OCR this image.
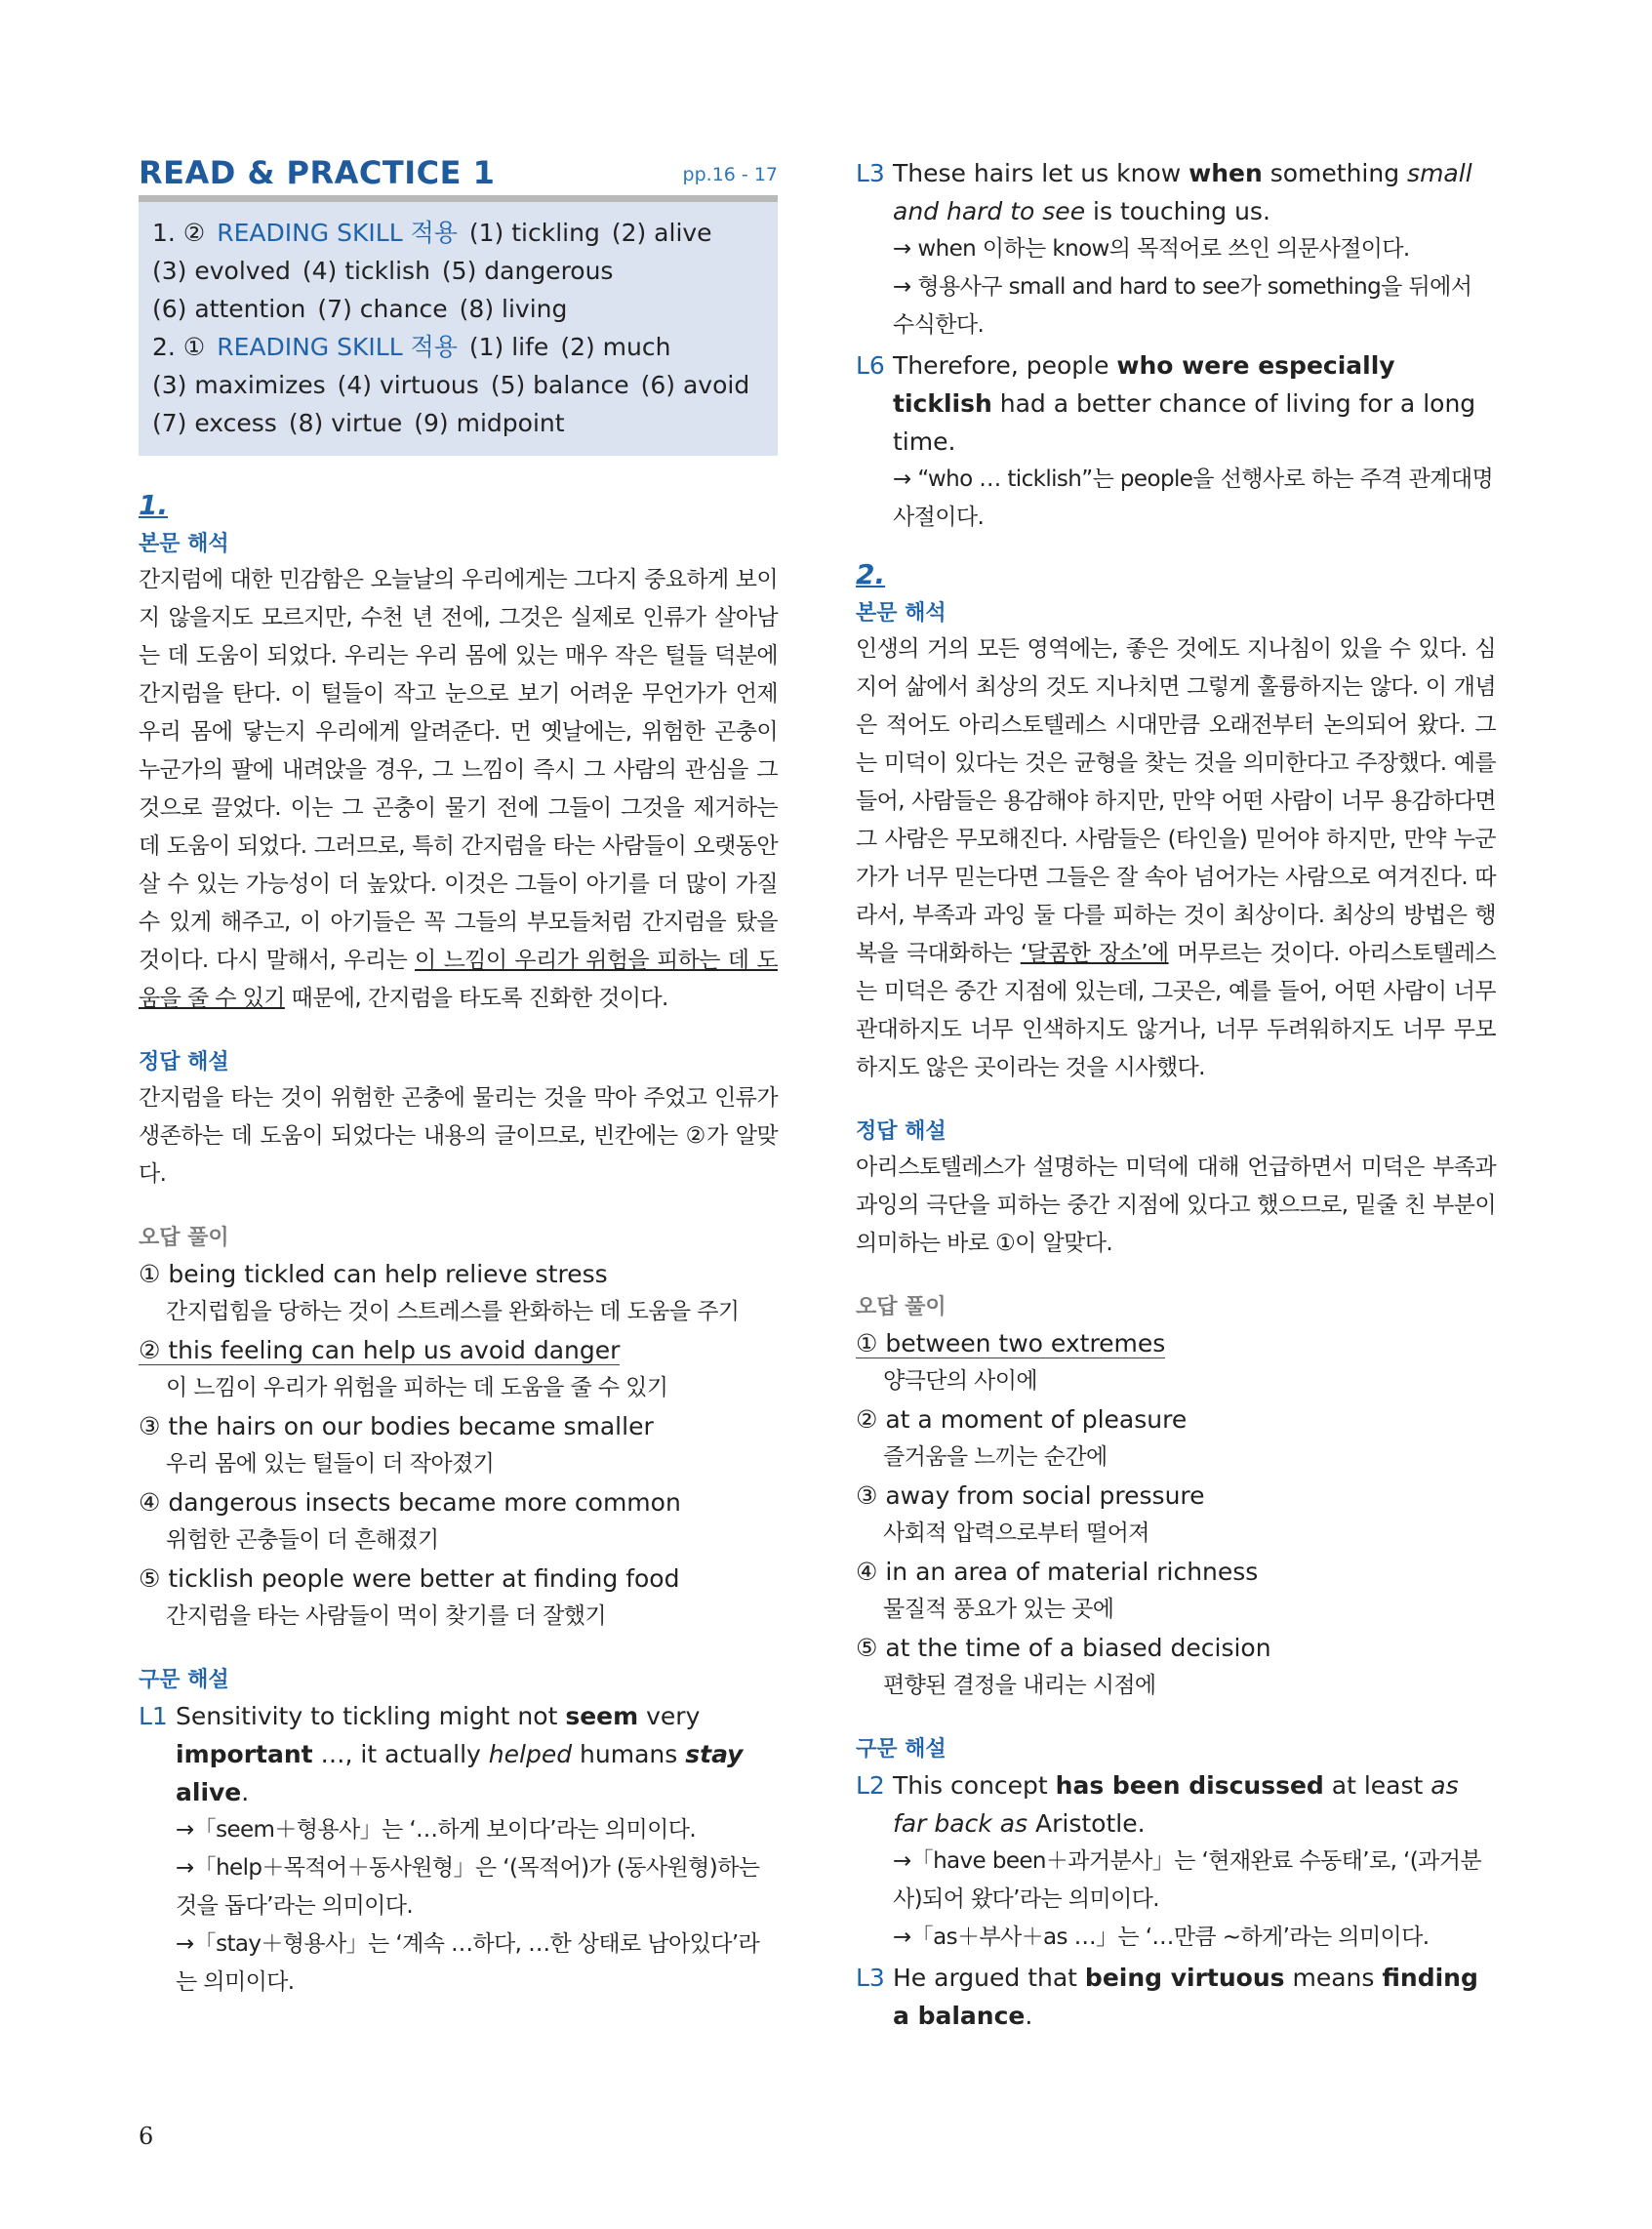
READ & PRACTICE 1	pp.16 - 17
1. ② READING SKILL 적용 (1) tickling (2) alive
(3) evolved (4) ticklish (5) dangerous
(6) attention (7) chance (8) living
2. ① READING SKILL 적용 (1) life (2) much
(3) maximizes (4) virtuous (5) balance (6) avoid
(7) excess (8) virtue (9) midpoint
1.
본문 해석

간지럼에 대한 민감함은 오늘날의 우리에게는 그다지 중요하게 보이지 않을지도 모르지만, 수천 년 전에, 그것은 실제로 인류가 살아남는 데 도움이 되었다. 우리는 우리 몸에 있는 매우 작은 털들 덕분에 간지럼을 탄다. 이 털들이 작고 눈으로 보기 어려운 무언가가 언제 우리 몸에 닿는지 우리에게 알려준다. 먼 옛날에는, 위험한 곤충이 누군가의 팔에 내려앉을 경우, 그 느낌이 즉시 그 사람의 관심을 그것으로 끌었다. 이는 그 곤충이 물기 전에 그들이 그것을 제거하는 데 도움이 되었다. 그러므로, 특히 간지럼을 타는 사람들이 오랫동안 살 수 있는 가능성이 더 높았다. 이것은 그들이 아기를 더 많이 가질 수 있게 해주고, 이 아기들은 꼭 그들의 부모들처럼 간지럼을 탔을 것이다. 다시 말해서, 우리는 이 느낌이 우리가 위험을 피하는 데 도움을 줄 수 있기 때문에, 간지럼을 타도록 진화한 것이다.

정답 해설

간지럼을 타는 것이 위험한 곤충에 물리는 것을 막아 주었고 인류가 생존하는 데 도움이 되었다는 내용의 글이므로, 빈칸에는 ②가 알맞다.

오답 풀이
① being tickled can help relieve stress
간지럽힘을 당하는 것이 스트레스를 완화하는 데 도움을 주기
② this feeling can help us avoid danger
이 느낌이 우리가 위험을 피하는 데 도움을 줄 수 있기
③ the hairs on our bodies became smaller
우리 몸에 있는 털들이 더 작아졌기
④ dangerous insects became more common
위험한 곤충들이 더 흔해졌기
⑤ ticklish people were better at finding food
간지럼을 타는 사람들이 먹이 찾기를 더 잘했기
구문 해설
L1 Sensitivity to tickling might not seem very important …, it actually helped humans stay alive.
→「seem＋형용사」는 ‘…하게 보이다’라는 의미이다.
→「help＋목적어＋동사원형」은 ‘(목적어)가 (동사원형)하는 것을 돕다’라는 의미이다.
→「stay＋형용사」는 ‘계속 …하다, …한 상태로 남아있다’라는 의미이다.
L3 These hairs let us know when something small and hard to see is touching us.
→ when 이하는 know의 목적어로 쓰인 의문사절이다.
→ 형용사구 small and hard to see가 something을 뒤에서 수식한다.
L6 Therefore, people who were especially ticklish had a better chance of living for a long time.
→ “who … ticklish”는 people을 선행사로 하는 주격 관계대명사절이다.
2.
본문 해석

인생의 거의 모든 영역에는, 좋은 것에도 지나침이 있을 수 있다. 심지어 삶에서 최상의 것도 지나치면 그렇게 훌륭하지는 않다. 이 개념은 적어도 아리스토텔레스 시대만큼 오래전부터 논의되어 왔다. 그는 미덕이 있다는 것은 균형을 찾는 것을 의미한다고 주장했다. 예를 들어, 사람들은 용감해야 하지만, 만약 어떤 사람이 너무 용감하다면 그 사람은 무모해진다. 사람들은 (타인을) 믿어야 하지만, 만약 누군가가 너무 믿는다면 그들은 잘 속아 넘어가는 사람으로 여겨진다. 따라서, 부족과 과잉 둘 다를 피하는 것이 최상이다. 최상의 방법은 행복을 극대화하는 ‘달콤한 장소’에 머무르는 것이다. 아리스토텔레스는 미덕은 중간 지점에 있는데, 그곳은, 예를 들어, 어떤 사람이 너무 관대하지도 너무 인색하지도 않거나, 너무 두려워하지도 너무 무모하지도 않은 곳이라는 것을 시사했다.

정답 해설

아리스토텔레스가 설명하는 미덕에 대해 언급하면서 미덕은 부족과 과잉의 극단을 피하는 중간 지점에 있다고 했으므로, 밑줄 친 부분이 의미하는 바로 ①이 알맞다.

오답 풀이
① between two extremes
양극단의 사이에
② at a moment of pleasure
즐거움을 느끼는 순간에
③ away from social pressure
사회적 압력으로부터 떨어져
④ in an area of material richness
물질적 풍요가 있는 곳에
⑤ at the time of a biased decision
편향된 결정을 내리는 시점에
구문 해설
L2 This concept has been discussed at least as far back as Aristotle.
→「have been＋과거분사」는 ‘현재완료 수동태’로, ‘(과거분사)되어 왔다’라는 의미이다.
→「as＋부사＋as …」는 ‘…만큼 ~하게’라는 의미이다.
L3 He argued that being virtuous means finding a balance.
6
